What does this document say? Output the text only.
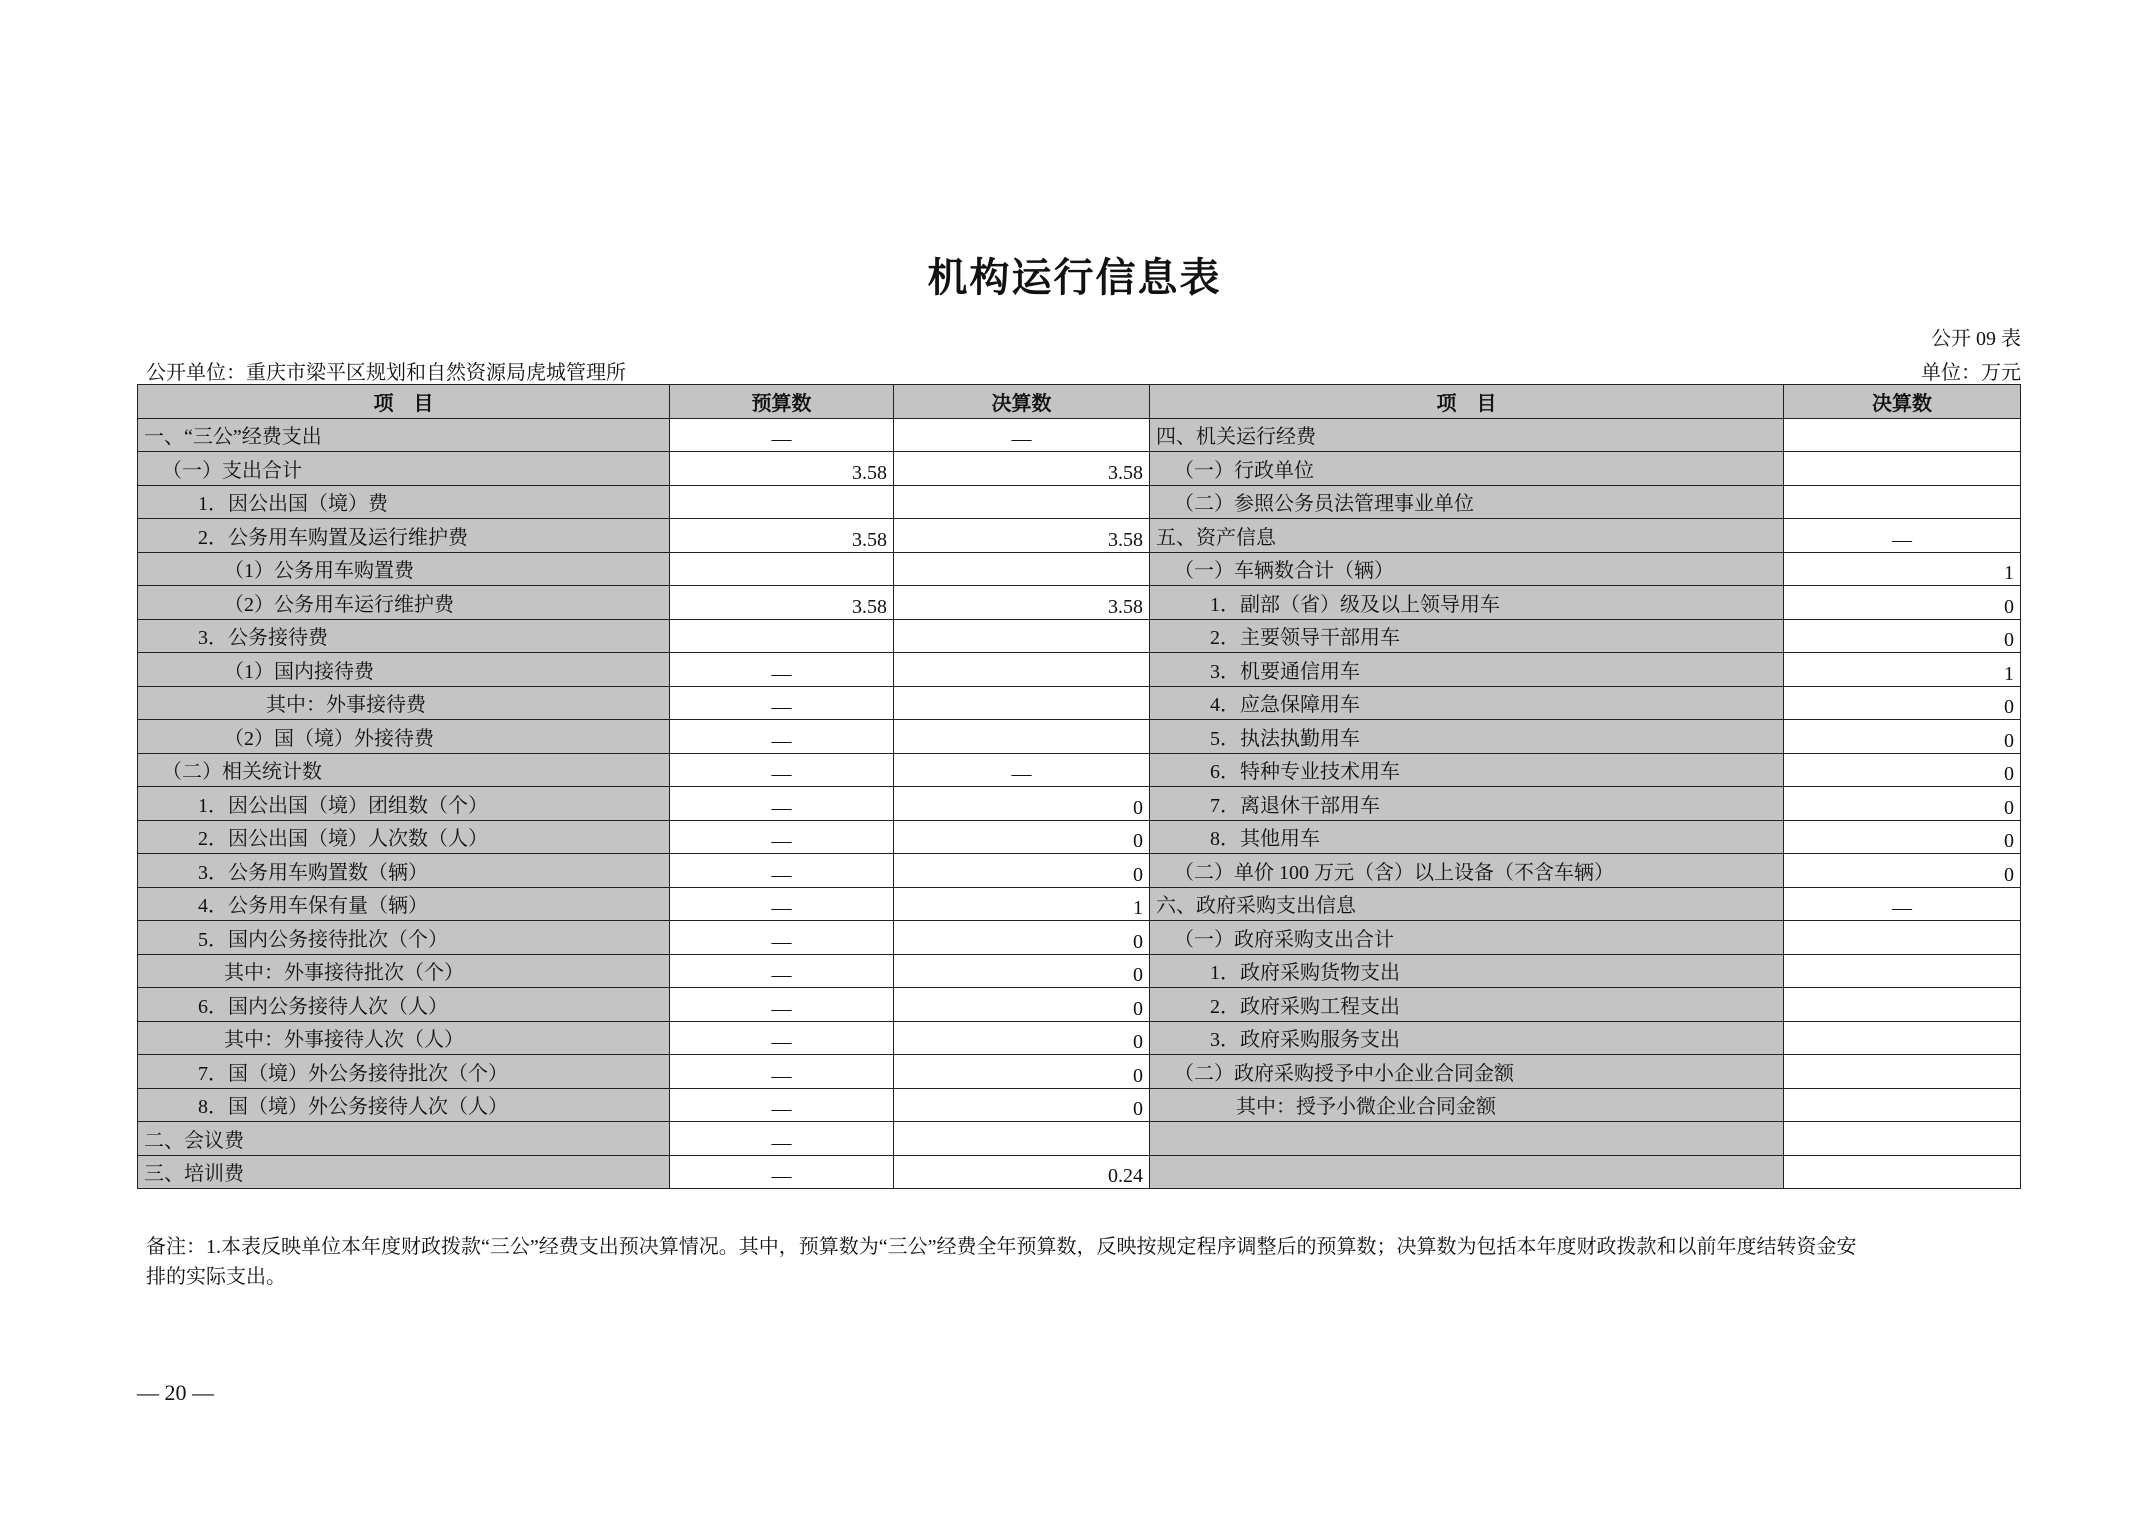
机构运行信息表
公开 09 表
公开单位：重庆市梁平区规划和自然资源局虎城管理所	单位：万元
项　目	预算数	决算数	项　目	决算数
一、“三公”经费支出	—	—	四、机关运行经费	
（一）支出合计	3.58	3.58	（一）行政单位	
1．因公出国（境）费			（二）参照公务员法管理事业单位	
2．公务用车购置及运行维护费	3.58	3.58	五、资产信息	—
（1）公务用车购置费			（一）车辆数合计（辆）	1
（2）公务用车运行维护费	3.58	3.58	1．副部（省）级及以上领导用车	0
3．公务接待费			2．主要领导干部用车	0
（1）国内接待费	—		3．机要通信用车	1
其中：外事接待费	—		4．应急保障用车	0
（2）国（境）外接待费	—		5．执法执勤用车	0
（二）相关统计数	—	—	6．特种专业技术用车	0
1．因公出国（境）团组数（个）	—	0	7．离退休干部用车	0
2．因公出国（境）人次数（人）	—	0	8．其他用车	0
3．公务用车购置数（辆）	—	0	（二）单价 100 万元（含）以上设备（不含车辆）	0
4．公务用车保有量（辆）	—	1	六、政府采购支出信息	—
5．国内公务接待批次（个）	—	0	（一）政府采购支出合计	
其中：外事接待批次（个）	—	0	1．政府采购货物支出	
6．国内公务接待人次（人）	—	0	2．政府采购工程支出	
其中：外事接待人次（人）	—	0	3．政府采购服务支出	
7．国（境）外公务接待批次（个）	—	0	（二）政府采购授予中小企业合同金额	
8．国（境）外公务接待人次（人）	—	0	其中：授予小微企业合同金额	
二、会议费	—			
三、培训费	—	0.24		
备注：1.本表反映单位本年度财政拨款“三公”经费支出预决算情况。其中，预算数为“三公”经费全年预算数，反映按规定程序调整后的预算数；决算数为包括本年度财政拨款和以前年度结转资金安
排的实际支出。
— 20 —
